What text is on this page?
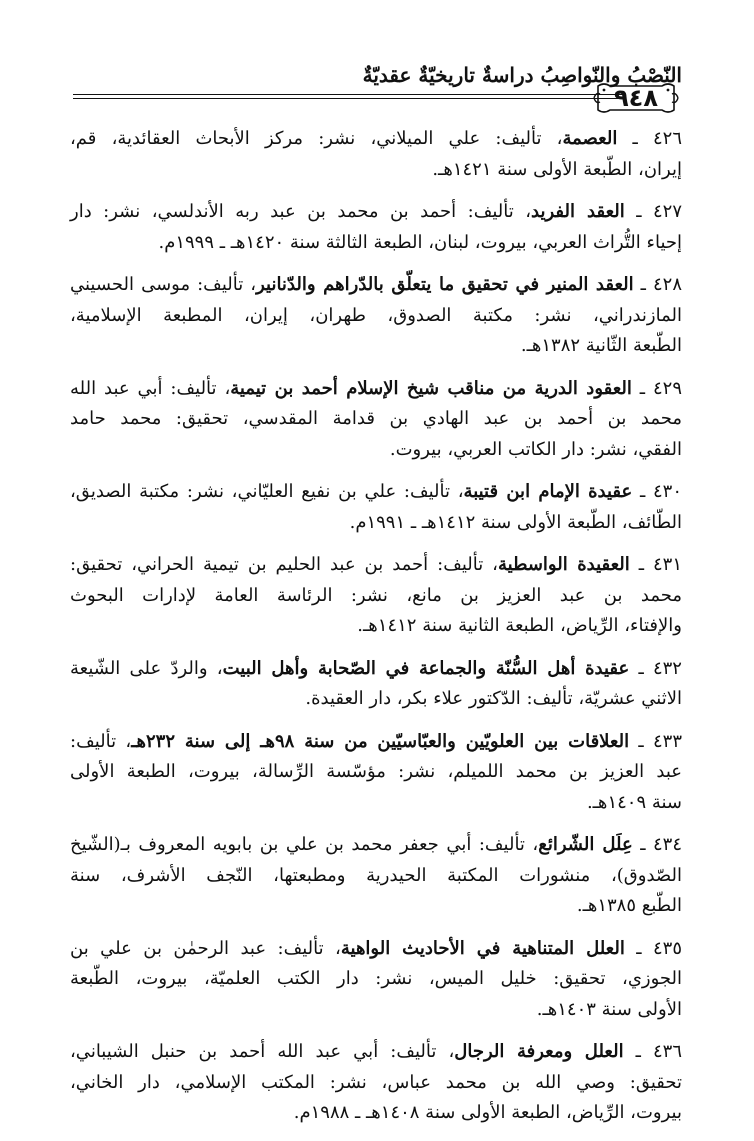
النّصْبُ والنّواصِبُ دراسةٌ تاريخيّةٌ عقديّةٌ
٩٤٨
٤٢٦ ـ العصمة، تأليف: علي الميلاني، نشر: مركز الأبحاث العقائدية، قم،
إيران، الطّبعة الأولى سنة ١٤٢١هـ.
٤٢٧ ـ العقد الفريد، تأليف: أحمد بن محمد بن عبد ربه الأندلسي، نشر: دار
إحياء التُّراث العربي، بيروت، لبنان، الطبعة الثالثة سنة ١٤٢٠هـ ـ ١٩٩٩م.
٤٢٨ ـ العقد المنير في تحقيق ما يتعلّق بالدّراهم والدّنانير، تأليف: موسى الحسيني
المازندراني، نشر: مكتبة الصدوق، طهران، إيران، المطبعة الإسلامية،
الطّبعة الثّانية ١٣٨٢هـ.
٤٢٩ ـ العقود الدرية من مناقب شيخ الإسلام أحمد بن تيمية، تأليف: أبي عبد الله
محمد بن أحمد بن عبد الهادي بن قدامة المقدسي، تحقيق: محمد حامد
الفقي، نشر: دار الكاتب العربي، بيروت.
٤٣٠ ـ عقيدة الإمام ابن قتيبة، تأليف: علي بن نفيع العليّاني، نشر: مكتبة الصديق،
الطّائف، الطّبعة الأولى سنة ١٤١٢هـ ـ ١٩٩١م.
٤٣١ ـ العقيدة الواسطية، تأليف: أحمد بن عبد الحليم بن تيمية الحراني، تحقيق:
محمد بن عبد العزيز بن مانع، نشر: الرئاسة العامة لإدارات البحوث
والإفتاء، الرِّياض، الطبعة الثانية سنة ١٤١٢هـ.
٤٣٢ ـ عقيدة أهل السُّنّة والجماعة في الصّحابة وأهل البيت، والردّ على الشّيعة
الاثني عشريّة، تأليف: الدّكتور علاء بكر، دار العقيدة.
٤٣٣ ـ العلاقات بين العلويّين والعبّاسيّين من سنة ٩٨هـ إلى سنة ٢٣٢هـ، تأليف:
عبد العزيز بن محمد اللميلم، نشر: مؤسّسة الرِّسالة، بيروت، الطبعة الأولى
سنة ١٤٠٩هـ.
٤٣٤ ـ عِلَل الشّرائع، تأليف: أبي جعفر محمد بن علي بن بابويه المعروف بـ(الشّيخ
الصّدوق)، منشورات المكتبة الحيدرية ومطبعتها، النّجف الأشرف، سنة
الطّبع ١٣٨٥هـ.
٤٣٥ ـ العلل المتناهية في الأحاديث الواهية، تأليف: عبد الرحمٰن بن علي بن
الجوزي، تحقيق: خليل الميس، نشر: دار الكتب العلميّة، بيروت، الطّبعة
الأولى سنة ١٤٠٣هـ.
٤٣٦ ـ العلل ومعرفة الرجال، تأليف: أبي عبد الله أحمد بن حنبل الشيباني،
تحقيق: وصي الله بن محمد عباس، نشر: المكتب الإسلامي، دار الخاني،
بيروت، الرِّياض، الطبعة الأولى سنة ١٤٠٨هـ ـ ١٩٨٨م.
